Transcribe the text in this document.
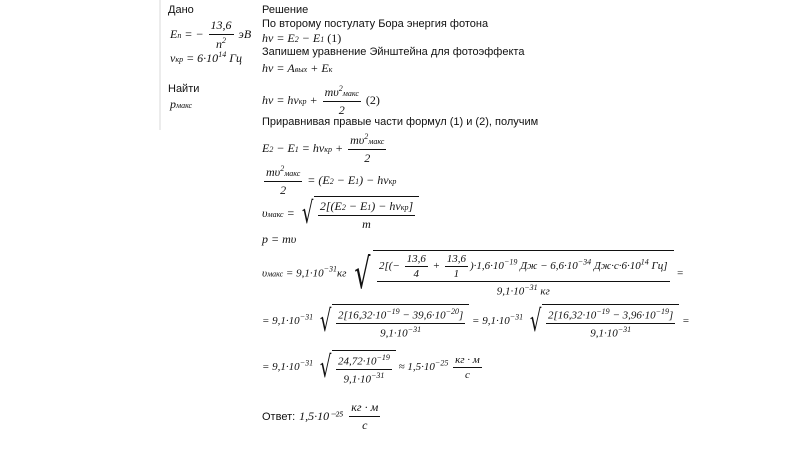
Дано
En = − $\frac{13,6}{n^2}$ эВ
$\nu кр = 6\cdot 10^{14}$ Гц
Найти
pмакс
Решение
По второму постулату Бора энергия фотона
hν = E2 − E1 (1)
Запишем уравнение Эйнштейна для фотоэффекта
hν = Aвых + Eк
$h\nu = h\nu кр + \frac{m\upsilon^2макс}{2} (2)$
Приравнивая правые части формул (1) и (2), получим
$E2 - E1 = h\nu кр + \frac{m\upsilon^2макс}{2}$
$\frac{m\upsilon^2макс}{2} = (E2 - E1) - h\nu кр$
υмакс = √ $\frac{\text{2[(E2 − E1) − hνкр]}}{m}$
p = mυ
υмакс = $9,1\cdot 10^{-31}кг$ √ $2[(- \frac{13,6}{4} + \frac{13,6}{1} )\cdot 1,6\cdot 10^{-19}$ Дж − $6,6\cdot 10^{-34}$ $Дж\cdot с\cdot 6\cdot 10^{14}$ Гц]
$9,1\cdot 10^{-31}$ кг
=
= $9,1\cdot 10^{-31}$ √ $\frac{2[16,32\cdot 10^{-19} - 39,6\cdot 10^{-20}]}{9,1\cdot 10^{-31}} = 9,1\cdot 10^{-31}$ √ $\frac{2[16,32\cdot 10^{-19} - 3,96\cdot 10^{-19}]}{9,1\cdot 10^{-31}}$ =
= $9,1\cdot 10^{-31}$ √ $\frac{24,72\cdot 10^{-19}}{9,1\cdot 10^{-31}} \approx 1,5\cdot 10^{-25} \frac{кг \cdot м}{с}$
Ответ: $1,5\cdot 10^{-25} \frac{кг \cdot м}{с}$
